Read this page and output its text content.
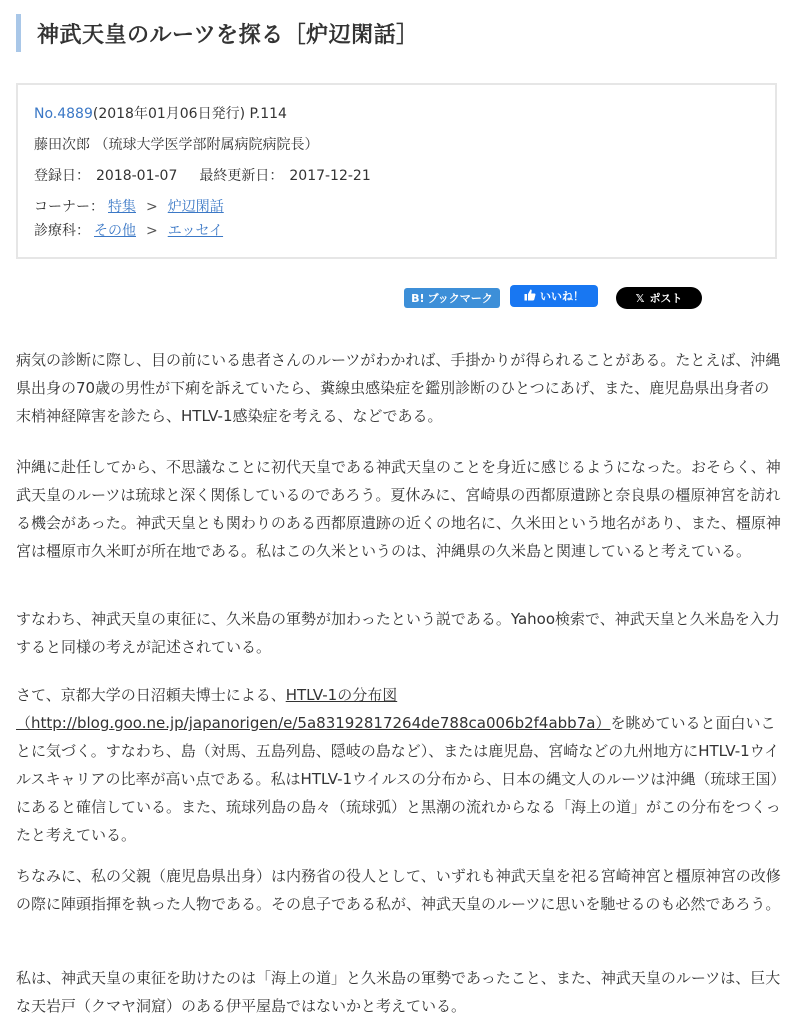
神武天皇のルーツを探る［炉辺閑話］
No.4889 (2018年01月06日発行) P.114
藤田次郎 （琉球大学医学部附属病院病院長）
登録日： 2018-01-07 最終更新日： 2017-12-21
コーナー： 特集 > 炉辺閑話
診療科： その他 > エッセイ
B! ブックマーク	いいね！	𝕏 ポスト

病気の診断に際し、目の前にいる患者さんのルーツがわかれば、手掛かりが得られることがある。たとえば、沖縄県出身の70歳の男性が下痢を訴えていたら、糞線虫感染症を鑑別診断のひとつにあげ、また、鹿児島県出身者の末梢神経障害を診たら、HTLV-1感染症を考える、などである。

沖縄に赴任してから、不思議なことに初代天皇である神武天皇のことを身近に感じるようになった。おそらく、神武天皇のルーツは琉球と深く関係しているのであろう。夏休みに、宮崎県の西都原遺跡と奈良県の橿原神宮を訪れる機会があった。神武天皇とも関わりのある西都原遺跡の近くの地名に、久米田という地名があり、また、橿原神宮は橿原市久米町が所在地である。私はこの久米というのは、沖縄県の久米島と関連していると考えている。

すなわち、神武天皇の東征に、久米島の軍勢が加わったという説である。Yahoo検索で、神武天皇と久米島を入力すると同様の考えが記述されている。

さて、京都大学の日沼頼夫博士による、HTLV-1の分布図（http://blog.goo.ne.jp/japanorigen/e/5a83192817264de788ca006b2f4abb7a）を眺めていると面白いことに気づく。すなわち、島（対馬、五島列島、隠岐の島など）、または鹿児島、宮崎などの九州地方にHTLV-1ウイルスキャリアの比率が高い点である。私はHTLV-1ウイルスの分布から、日本の縄文人のルーツは沖縄（琉球王国）にあると確信している。また、琉球列島の島々（琉球弧）と黒潮の流れからなる「海上の道」がこの分布をつくったと考えている。

ちなみに、私の父親（鹿児島県出身）は内務省の役人として、いずれも神武天皇を祀る宮崎神宮と橿原神宮の改修の際に陣頭指揮を執った人物である。その息子である私が、神武天皇のルーツに思いを馳せるのも必然であろう。

私は、神武天皇の東征を助けたのは「海上の道」と久米島の軍勢であったこと、また、神武天皇のルーツは、巨大な天岩戸（クマヤ洞窟）のある伊平屋島ではないかと考えている。
